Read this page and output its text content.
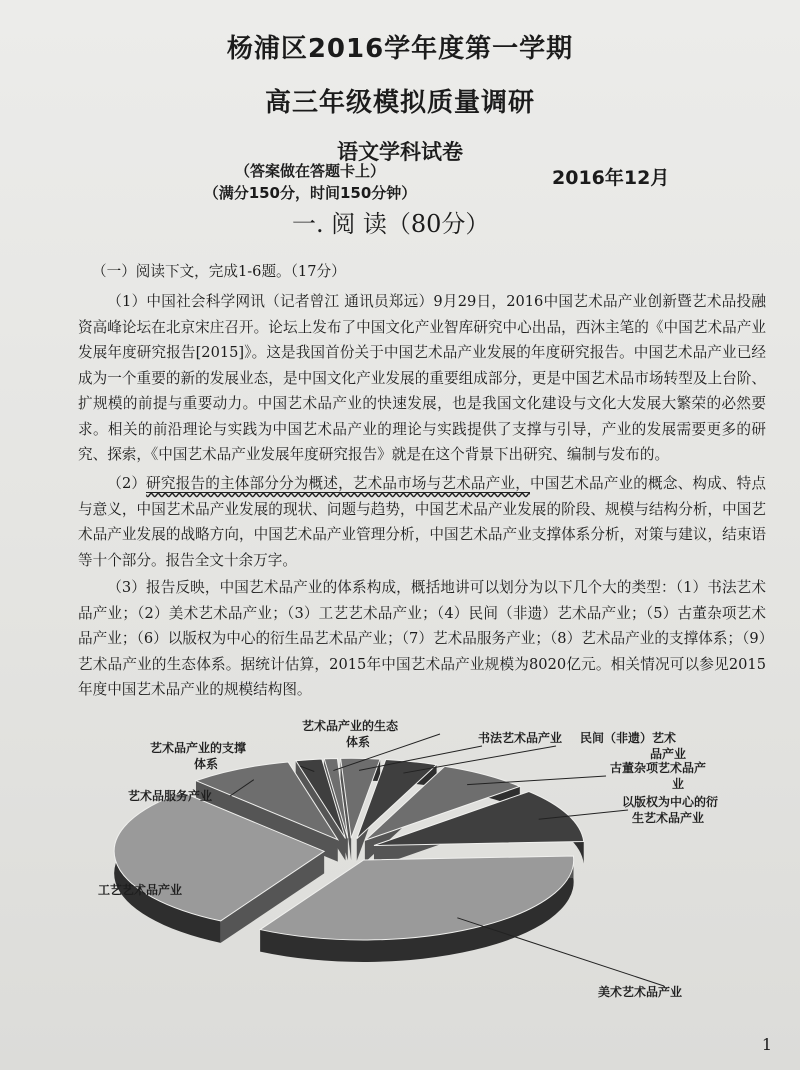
杨浦区2016学年度第一学期
高三年级模拟质量调研
语文学科试卷
（答案做在答题卡上）
（满分150分，时间150分钟）
2016年12月
一. 阅 读（80分）
（一）阅读下文，完成1-6题。（17分）
（1）中国社会科学网讯（记者曾江 通讯员郑远）9月29日，2016中国艺术品产业创新暨艺术品投融资高峰论坛在北京宋庄召开。论坛上发布了中国文化产业智库研究中心出品，西沐主笔的《中国艺术品产业发展年度研究报告[2015]》。这是我国首份关于中国艺术品产业发展的年度研究报告。中国艺术品产业已经成为一个重要的新的发展业态，是中国文化产业发展的重要组成部分，更是中国艺术品市场转型及上台阶、扩规模的前提与重要动力。中国艺术品产业的快速发展，也是我国文化建设与文化大发展大繁荣的必然要求。相关的前沿理论与实践为中国艺术品产业的理论与实践提供了支撑与引导，产业的发展需要更多的研究、探索，《中国艺术品产业发展年度研究报告》就是在这个背景下出研究、编制与发布的。
（2）研究报告的主体部分分为概述，艺术品市场与艺术品产业，中国艺术品产业的概念、构成、特点与意义，中国艺术品产业发展的现状、问题与趋势，中国艺术品产业发展的阶段、规模与结构分析，中国艺术品产业发展的战略方向，中国艺术品产业管理分析，中国艺术品产业支撑体系分析，对策与建议，结束语等十个部分。报告全文十余万字。
（3）报告反映，中国艺术品产业的体系构成，概括地讲可以划分为以下几个大的类型：（1）书法艺术品产业；（2）美术艺术品产业；（3）工艺艺术品产业；（4）民间（非遗）艺术品产业；（5）古董杂项艺术品产业；（6）以版权为中心的衍生品艺术品产业；（7）艺术品服务产业；（8）艺术品产业的支撑体系；（9）艺术品产业的生态体系。据统计估算，2015年中国艺术品产业规模为8020亿元。相关情况可以参见2015年度中国艺术品产业的规模结构图。
书法艺术品产业 民间（非遗）艺术
品产业
古董杂项艺术品产
业
以版权为中心的衍
生艺术品产业
美术艺术品产业
工艺艺术品产业
艺术品服务产业
艺术品产业的支撑
体系
艺术品产业的生态
体系
1
